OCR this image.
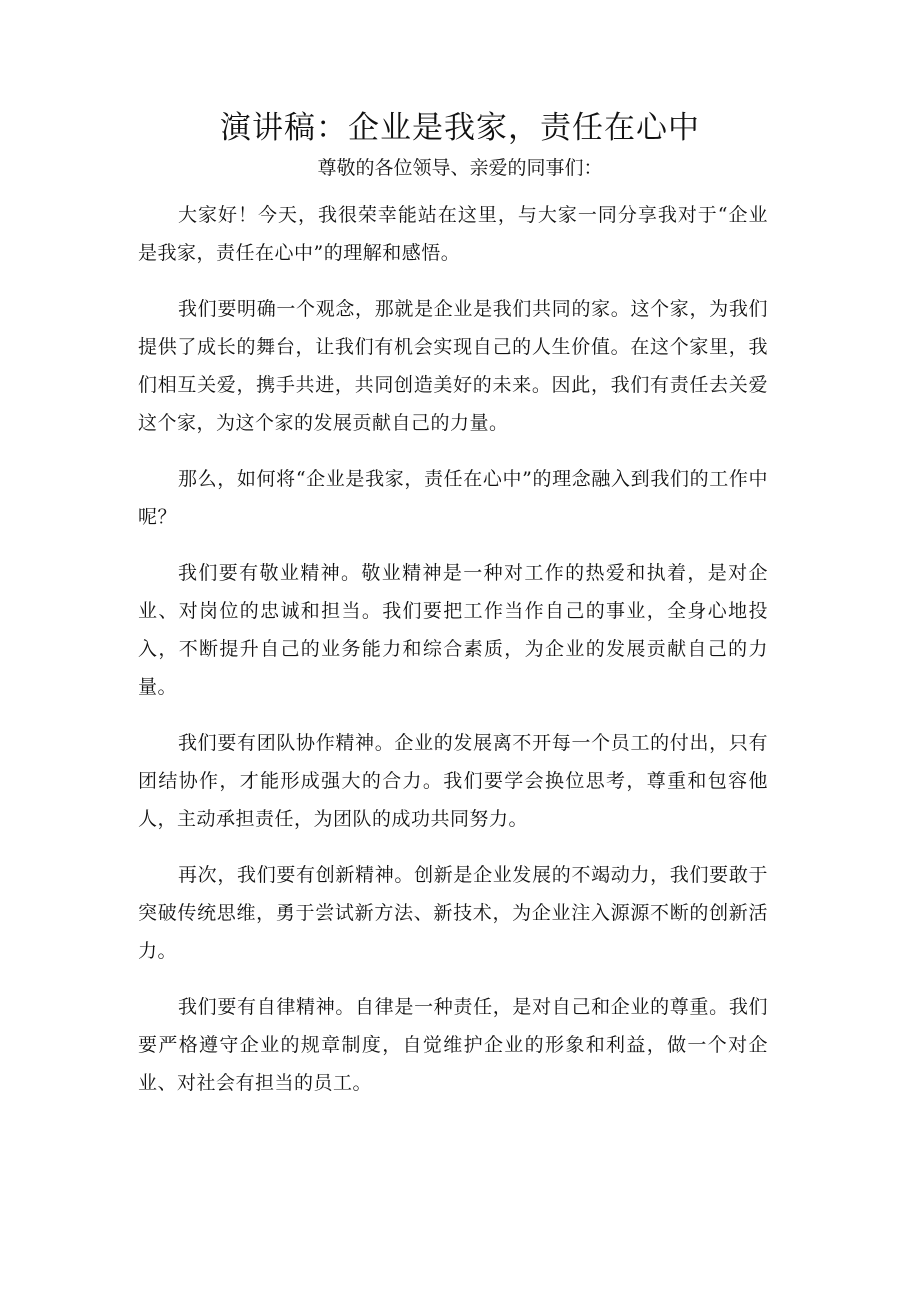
演讲稿：企业是我家，责任在心中

尊敬的各位领导、亲爱的同事们：

大家好！今天，我很荣幸能站在这里，与大家一同分享我对于“企业是我家，责任在心中”的理解和感悟。

我们要明确一个观念，那就是企业是我们共同的家。这个家，为我们提供了成长的舞台，让我们有机会实现自己的人生价值。在这个家里，我们相互关爱，携手共进，共同创造美好的未来。因此，我们有责任去关爱这个家，为这个家的发展贡献自己的力量。

那么，如何将“企业是我家，责任在心中”的理念融入到我们的工作中呢？

我们要有敬业精神。敬业精神是一种对工作的热爱和执着，是对企业、对岗位的忠诚和担当。我们要把工作当作自己的事业，全身心地投入，不断提升自己的业务能力和综合素质，为企业的发展贡献自己的力量。

我们要有团队协作精神。企业的发展离不开每一个员工的付出，只有团结协作，才能形成强大的合力。我们要学会换位思考，尊重和包容他人，主动承担责任，为团队的成功共同努力。

再次，我们要有创新精神。创新是企业发展的不竭动力，我们要敢于突破传统思维，勇于尝试新方法、新技术，为企业注入源源不断的创新活力。

我们要有自律精神。自律是一种责任，是对自己和企业的尊重。我们要严格遵守企业的规章制度，自觉维护企业的形象和利益，做一个对企业、对社会有担当的员工。
